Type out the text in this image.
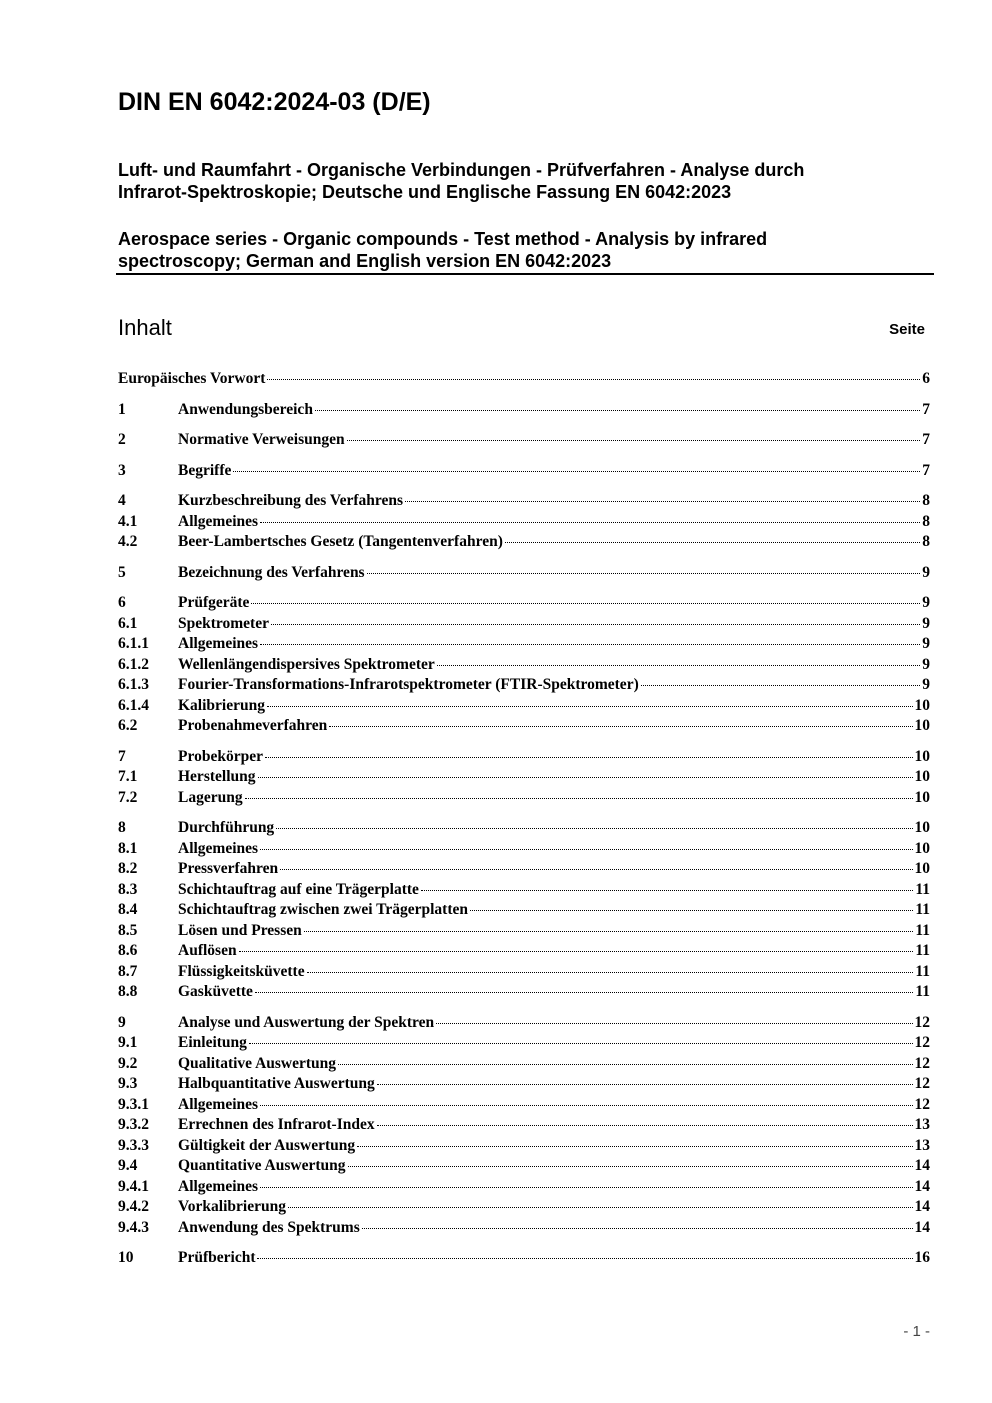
DIN EN 6042:2024-03 (D/E)
Luft- und Raumfahrt - Organische Verbindungen - Prüfverfahren - Analyse durch
Infrarot-Spektroskopie; Deutsche und Englische Fassung EN 6042:2023
Aerospace series - Organic compounds - Test method - Analysis by infrared
spectroscopy; German and English version EN 6042:2023
Inhalt	Seite
Europäisches Vorwort	6
1	Anwendungsbereich	7
2	Normative Verweisungen	7
3	Begriffe	7
4	Kurzbeschreibung des Verfahrens	8
4.1	Allgemeines	8
4.2	Beer-Lambertsches Gesetz (Tangentenverfahren)	8
5	Bezeichnung des Verfahrens	9
6	Prüfgeräte	9
6.1	Spektrometer	9
6.1.1	Allgemeines	9
6.1.2	Wellenlängendispersives Spektrometer	9
6.1.3	Fourier-Transformations-Infrarotspektrometer (FTIR-Spektrometer)	9
6.1.4	Kalibrierung	10
6.2	Probenahmeverfahren	10
7	Probekörper	10
7.1	Herstellung	10
7.2	Lagerung	10
8	Durchführung	10
8.1	Allgemeines	10
8.2	Pressverfahren	10
8.3	Schichtauftrag auf eine Trägerplatte	11
8.4	Schichtauftrag zwischen zwei Trägerplatten	11
8.5	Lösen und Pressen	11
8.6	Auflösen	11
8.7	Flüssigkeitsküvette	11
8.8	Gasküvette	11
9	Analyse und Auswertung der Spektren	12
9.1	Einleitung	12
9.2	Qualitative Auswertung	12
9.3	Halbquantitative Auswertung	12
9.3.1	Allgemeines	12
9.3.2	Errechnen des Infrarot-Index	13
9.3.3	Gültigkeit der Auswertung	13
9.4	Quantitative Auswertung	14
9.4.1	Allgemeines	14
9.4.2	Vorkalibrierung	14
9.4.3	Anwendung des Spektrums	14
10	Prüfbericht	16
- 1 -
